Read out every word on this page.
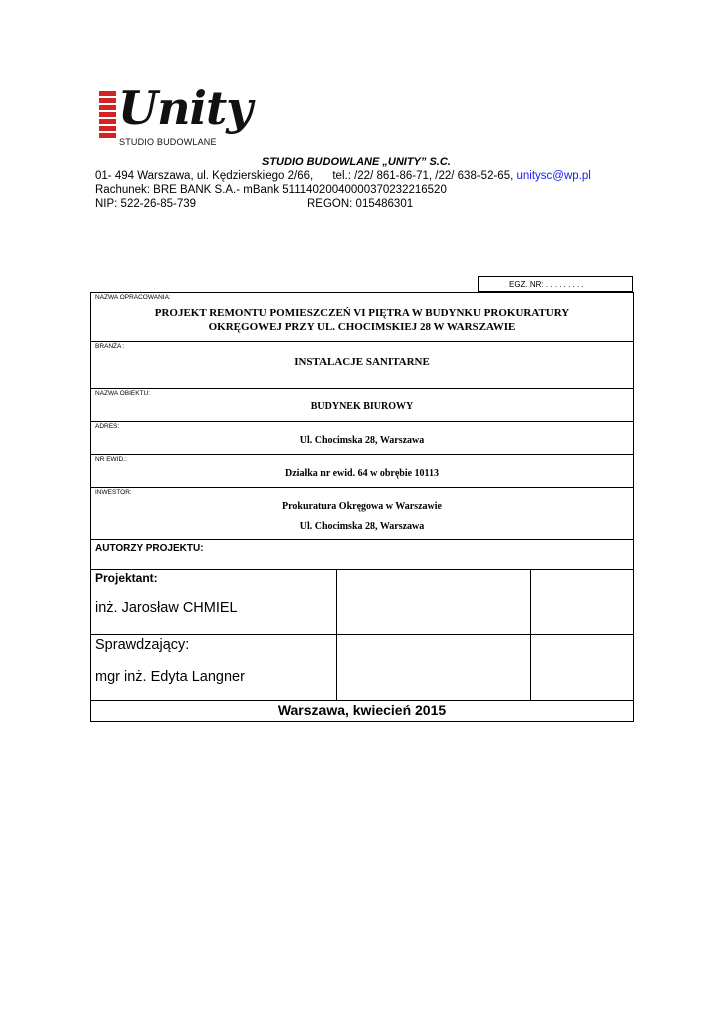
Unity
STUDIO BUDOWLANE
STUDIO BUDOWLANE „UNITY” S.C.
01- 494 Warszawa, ul. Kędzierskiego 2/66, tel.: /22/ 861-86-71, /22/ 638-52-65, unitysc@wp.pl
Rachunek: BRE BANK S.A.- mBank 51114020040000370232216520
NIP: 522-26-85-739	REGON: 015486301
EGZ. NR: . . . . . . . . .
NAZWA OPRACOWANIA:
PROJEKT REMONTU POMIESZCZEŃ VI PIĘTRA W BUDYNKU PROKURATURY
OKRĘGOWEJ PRZY UL. CHOCIMSKIEJ 28 W WARSZAWIE
BRANŻA :
INSTALACJE SANITARNE
NAZWA OBIEKTU:
BUDYNEK BIUROWY
ADRES:
Ul. Chocimska 28, Warszawa
NR EWID.:
Działka nr ewid. 64 w obrębie 10113
INWESTOR:
Prokuratura Okręgowa w Warszawie
Ul. Chocimska 28, Warszawa
AUTORZY PROJEKTU:
Projektant:
inż. Jarosław CHMIEL
Sprawdzający:
mgr inż. Edyta Langner
Warszawa, kwiecień 2015
